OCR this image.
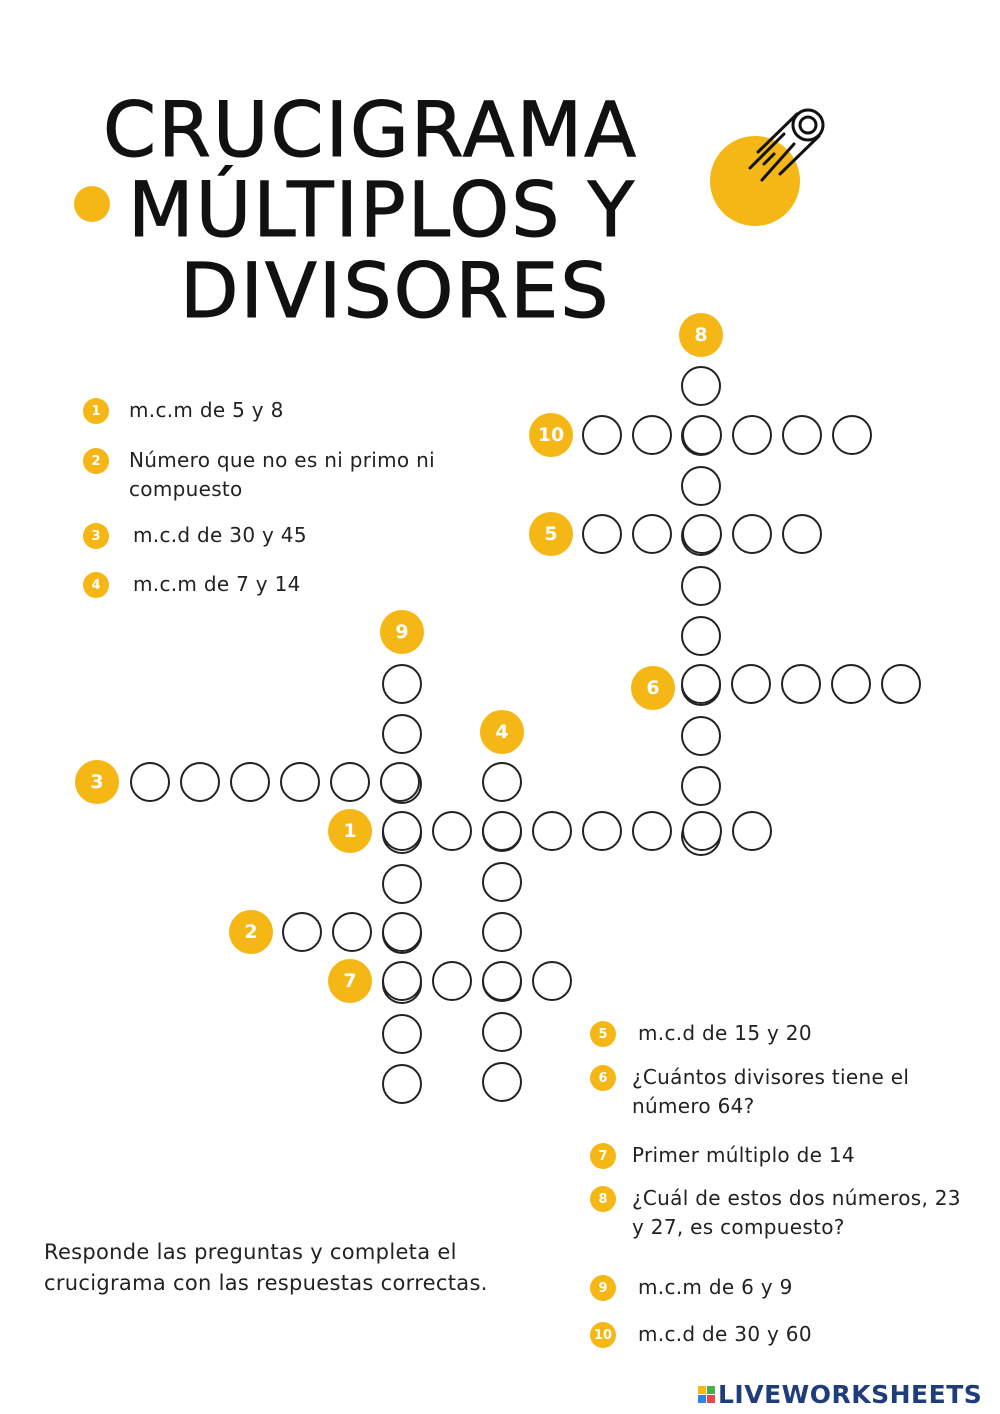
CRUCIGRAMA
MÚLTIPLOS Y
DIVISORES
1	m.c.m de 5 y 8
2	Número que no es ni primo ni compuesto
3	m.c.d de 30 y 45
4	m.c.m de 7 y 14
5	m.c.d de 15 y 20
6	¿Cuántos divisores tiene el número 64?
7	Primer múltiplo de 14
8	¿Cuál de estos dos números, 23 y 27, es compuesto?
9	m.c.m de 6 y 9
10 m.c.d de 30 y 60
8
10
5
6
9
4
3
1
2
7
Responde las preguntas y completa el crucigrama con las respuestas correctas.
LIVEWORKSHEETS
